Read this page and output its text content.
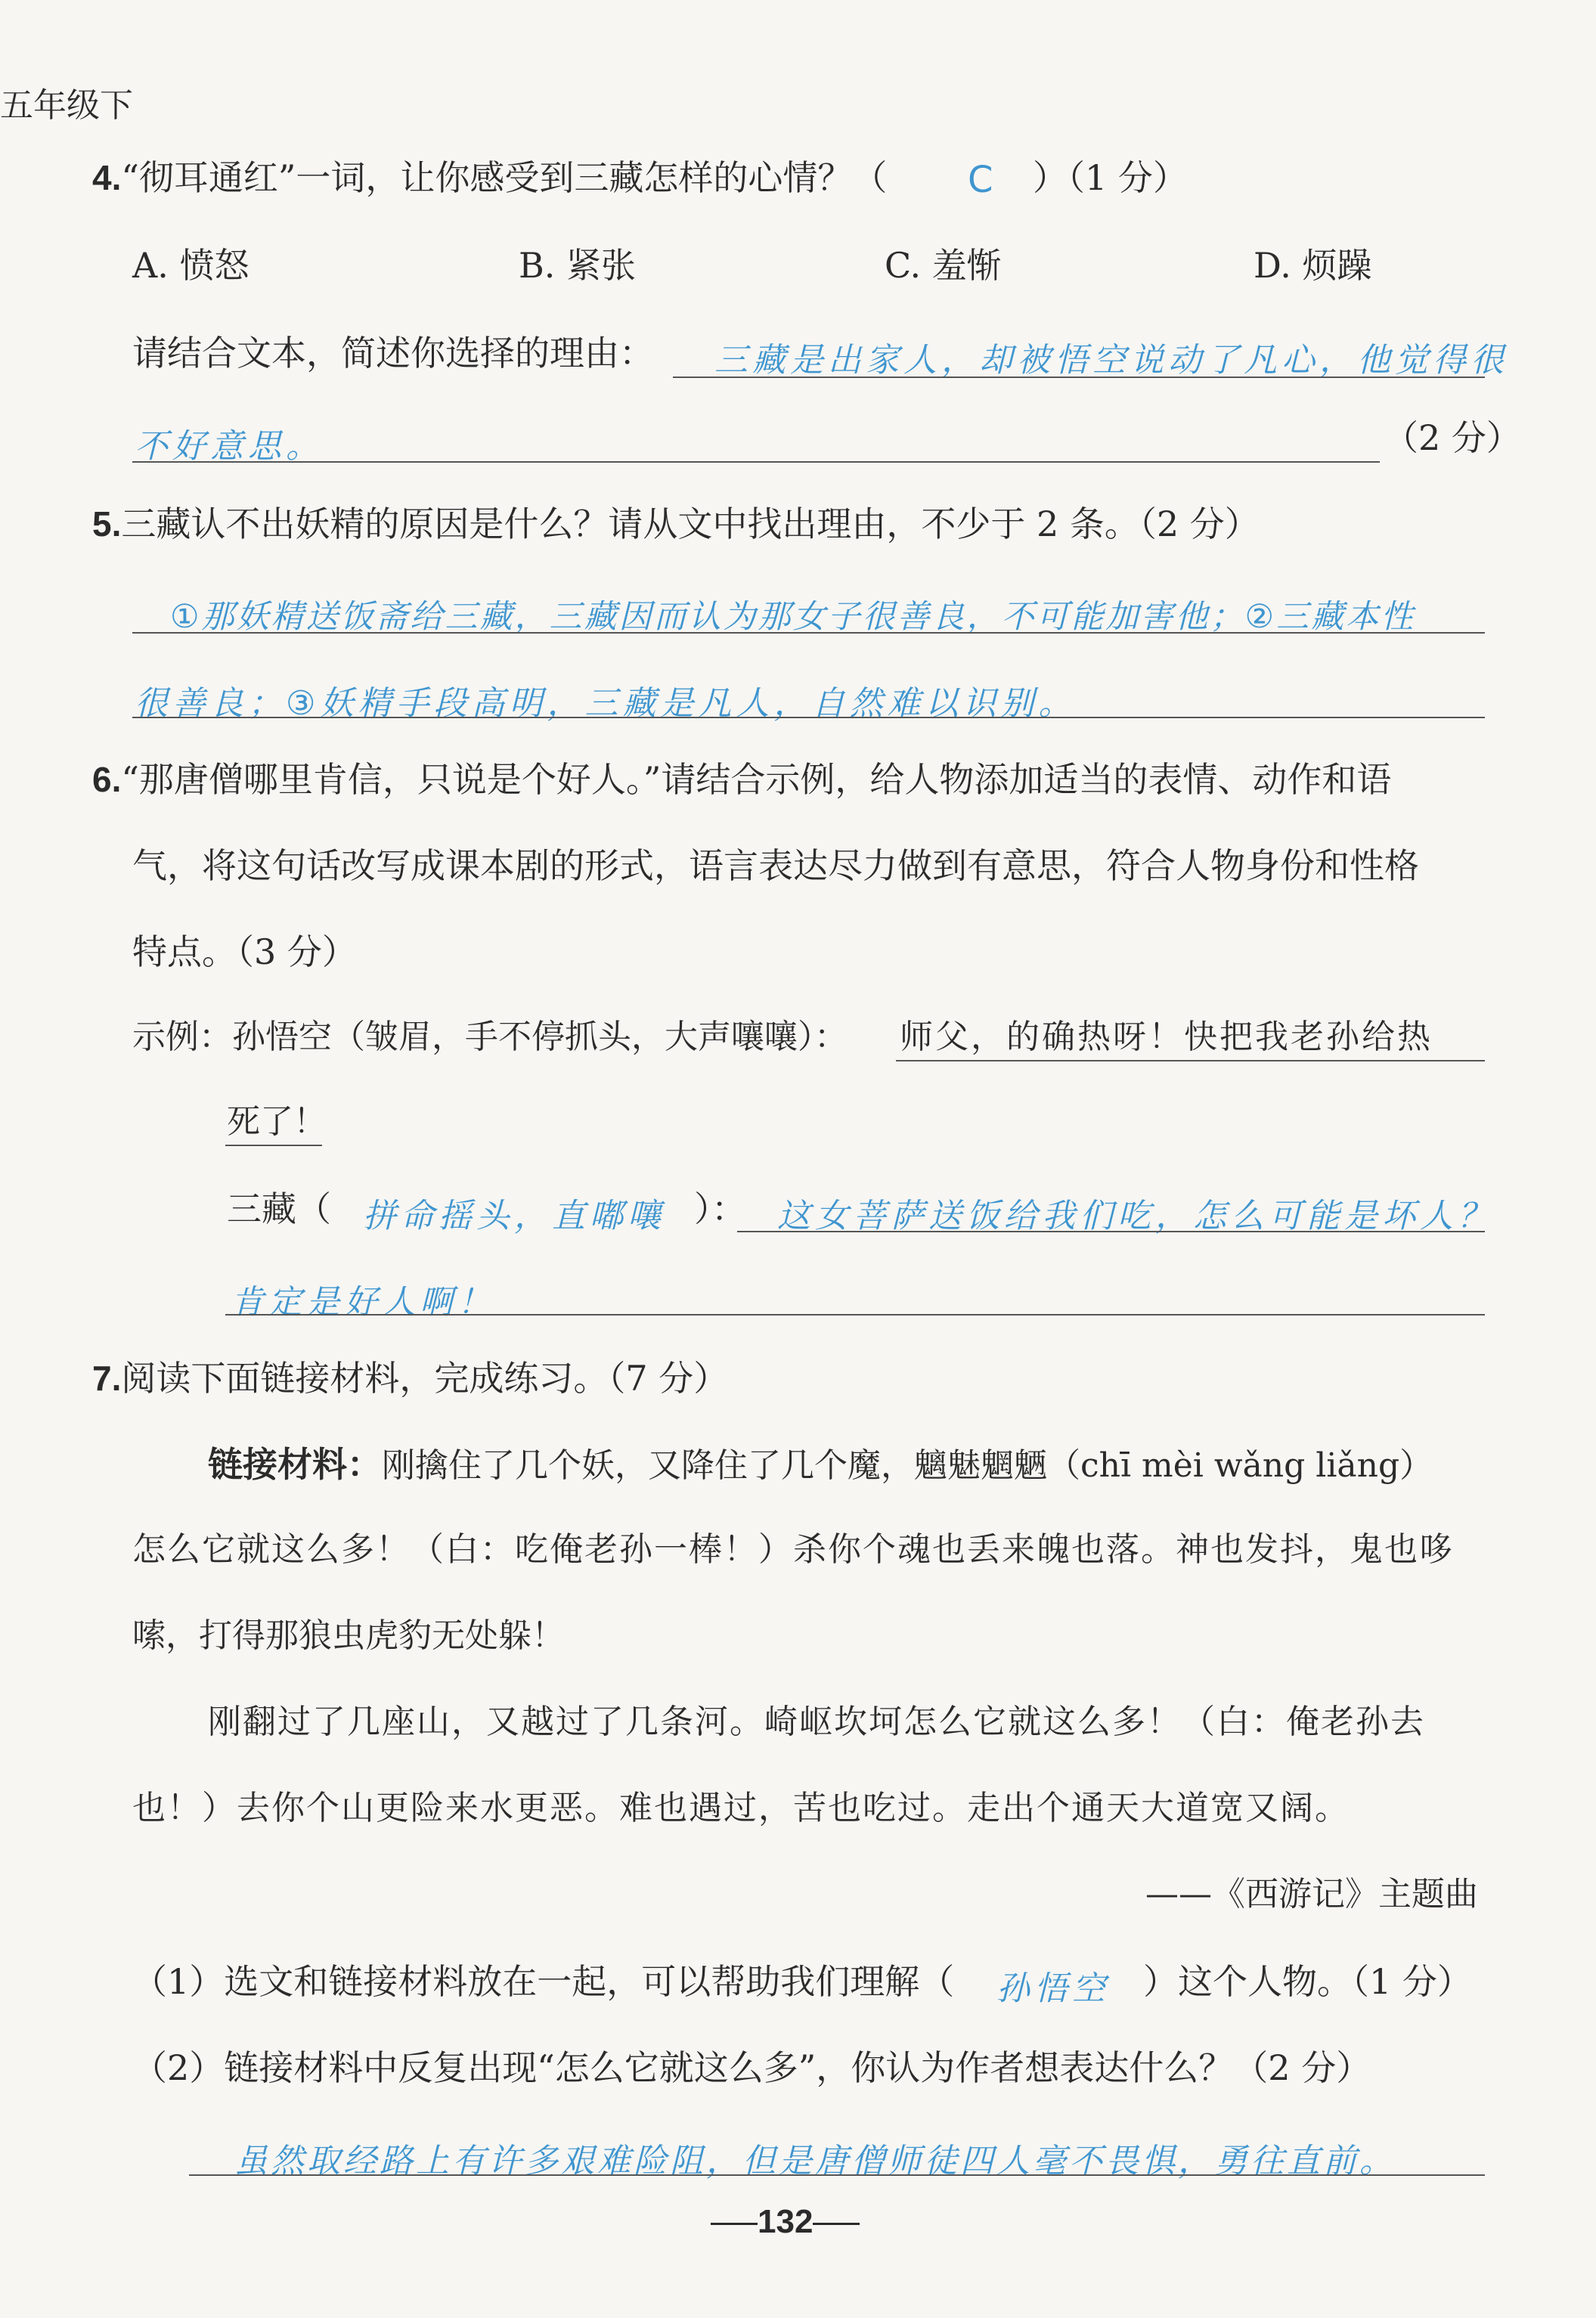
五年级下
4.“彻耳通红”一词，让你感受到三藏怎样的心情？（ C ）（1 分）
A. 愤怒	B. 紧张	C. 羞惭	D. 烦躁
请结合文本，简述你选择的理由： 三藏是出家人，却被悟空说动了凡心，他觉得很
不好意思。	（2 分）
5.三藏认不出妖精的原因是什么？请从文中找出理由，不少于 2 条。（2 分）
①那妖精送饭斋给三藏，三藏因而认为那女子很善良，不可能加害他；②三藏本性
很善良；③妖精手段高明，三藏是凡人，自然难以识别。
6.“那唐僧哪里肯信，只说是个好人。”请结合示例，给人物添加适当的表情、动作和语
气，将这句话改写成课本剧的形式，语言表达尽力做到有意思，符合人物身份和性格
特点。（3 分）
示例：孙悟空（皱眉，手不停抓头，大声嚷嚷）： 师父，的确热呀！快把我老孙给热
死了！
三藏（ 拼命摇头，直嘟嚷 ）： 这女菩萨送饭给我们吃，怎么可能是坏人？
肯定是好人啊！
7.阅读下面链接材料，完成练习。（7 分）
链接材料：刚擒住了几个妖，又降住了几个魔，魑魅魍魉（chī mèi wǎng liǎng）
怎么它就这么多！（白：吃俺老孙一棒！）杀你个魂也丢来魄也落。神也发抖，鬼也哆
嗦，打得那狼虫虎豹无处躲！
刚翻过了几座山，又越过了几条河。崎岖坎坷怎么它就这么多！（白：俺老孙去
也！）去你个山更险来水更恶。难也遇过，苦也吃过。走出个通天大道宽又阔。
——《西游记》主题曲
（1）选文和链接材料放在一起，可以帮助我们理解（ 孙悟空 ）这个人物。（1 分）
（2）链接材料中反复出现“怎么它就这么多”，你认为作者想表达什么？（2 分）
虽然取经路上有许多艰难险阻，但是唐僧师徒四人毫不畏惧，勇往直前。
132
